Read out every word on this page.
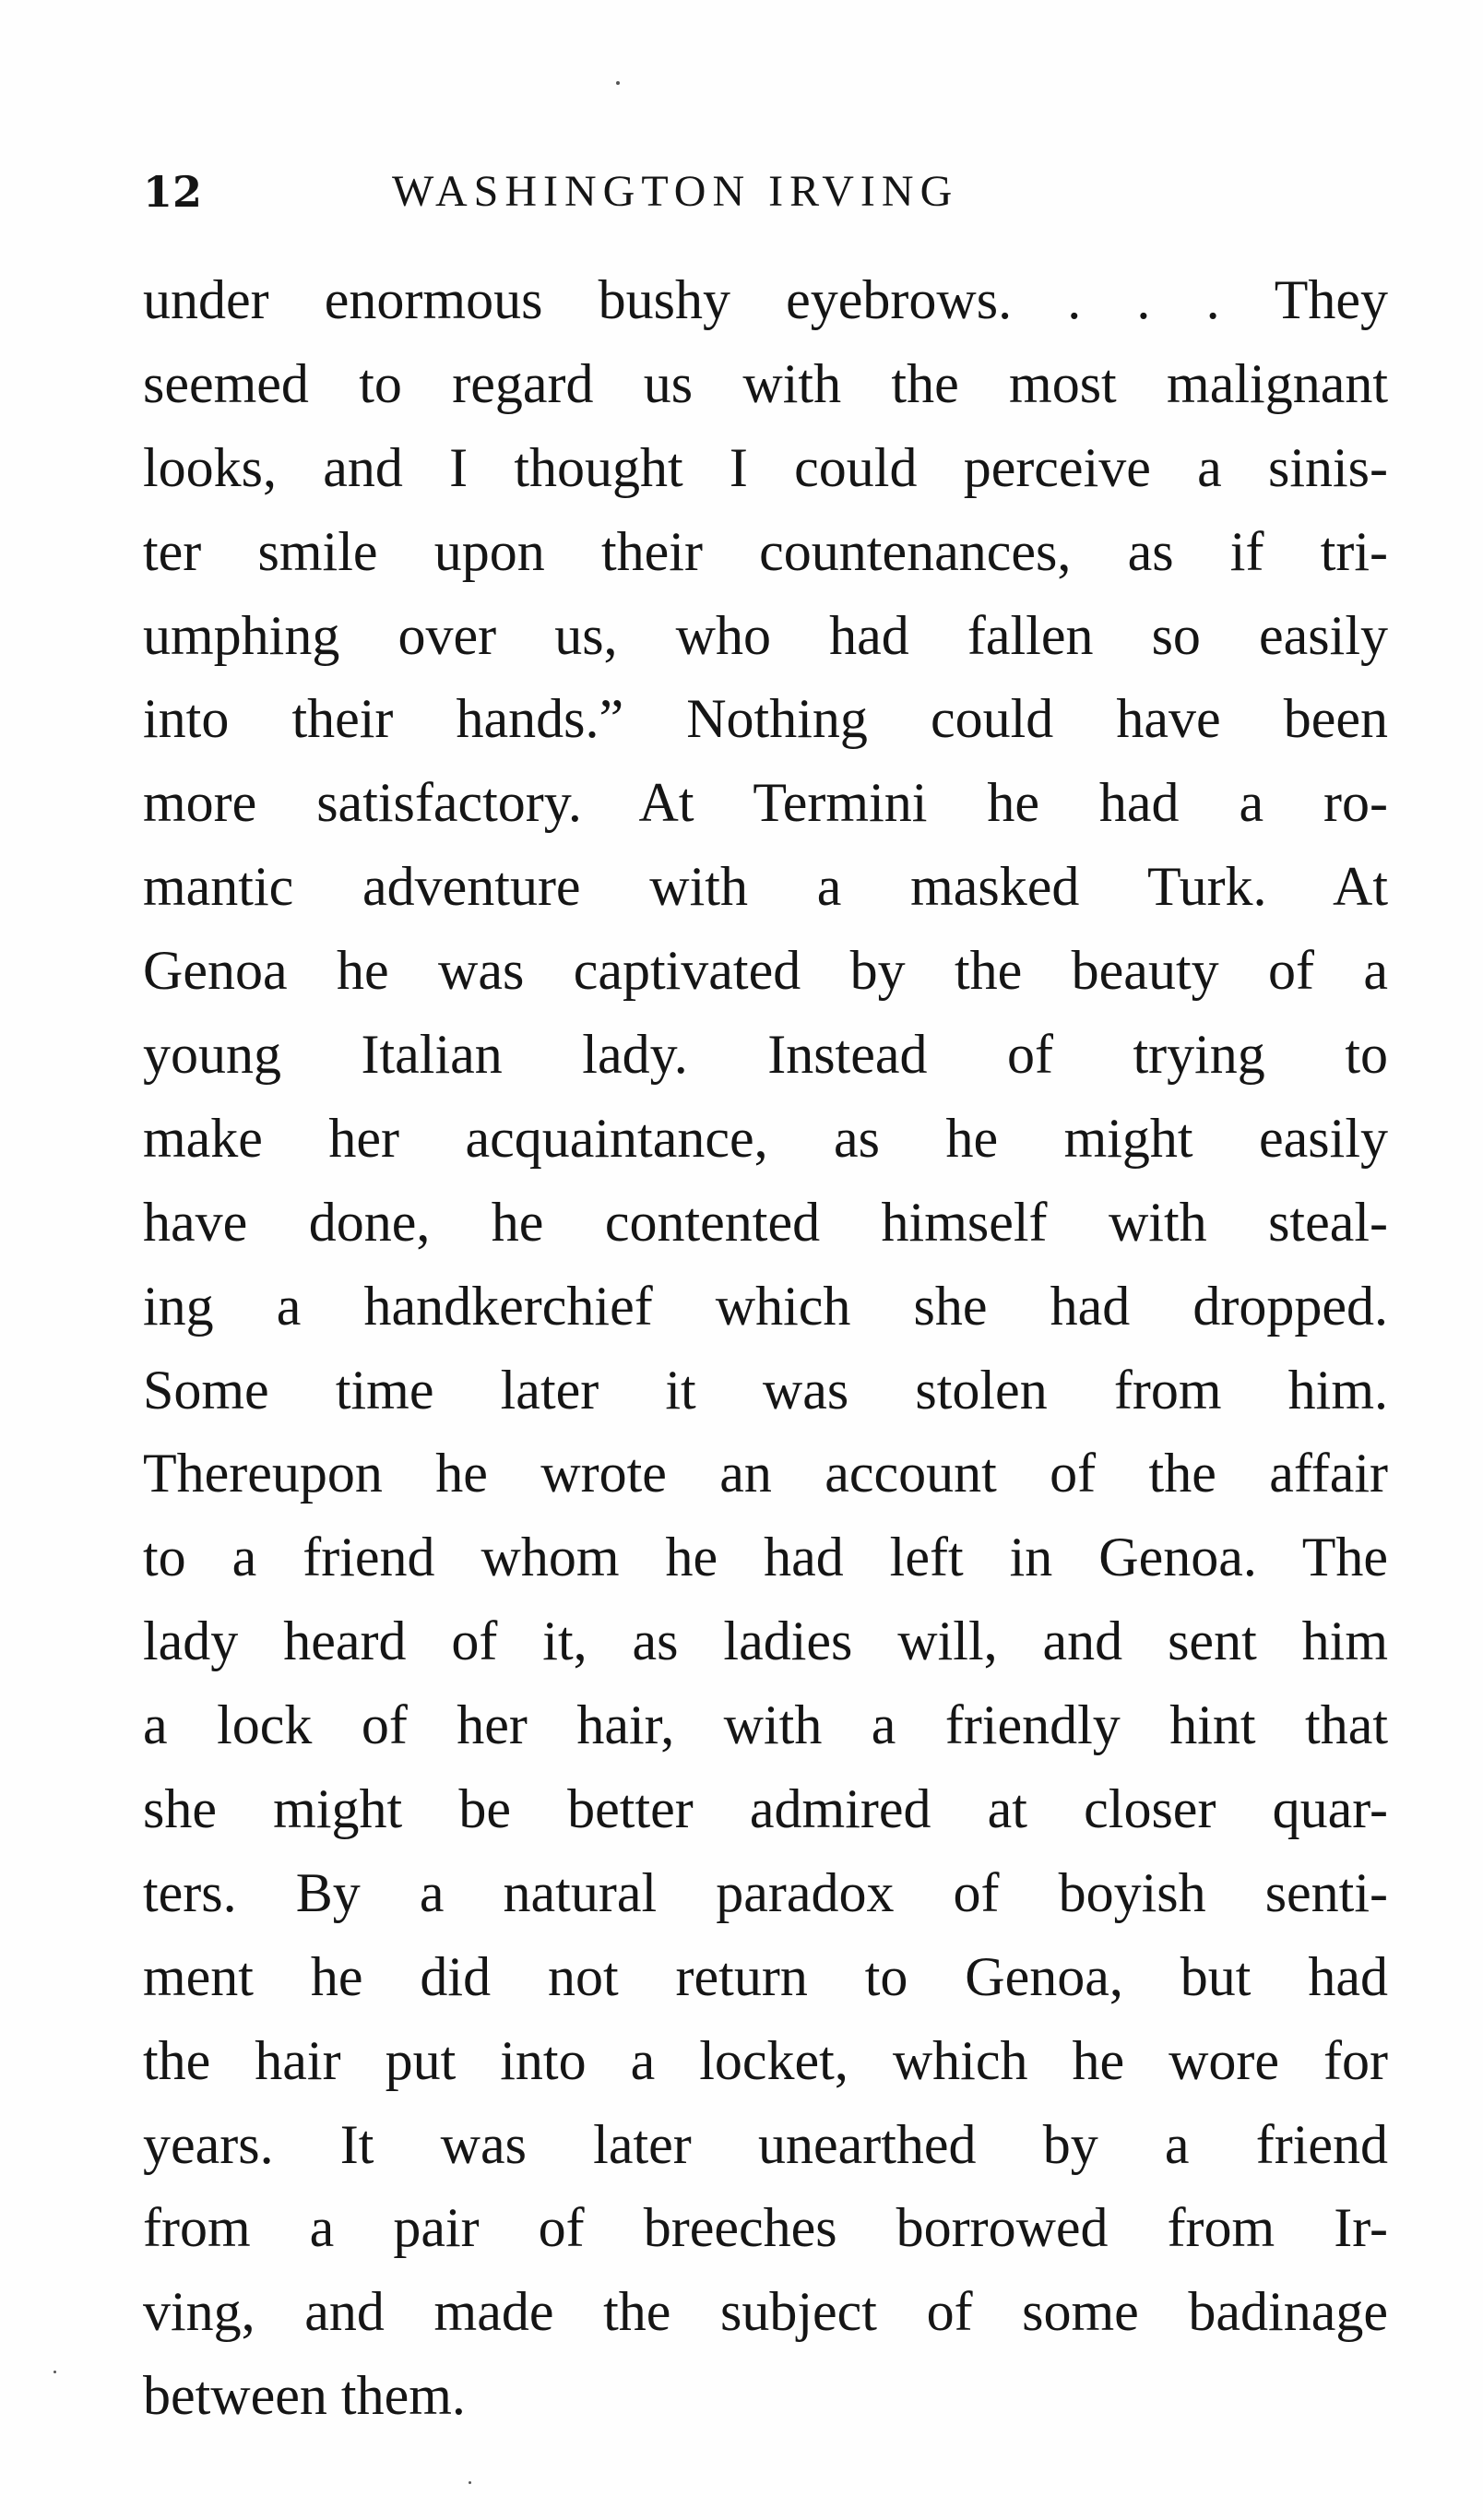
12	WASHINGTON IRVING
under enormous bushy eyebrows. . . . They
seemed to regard us with the most malignant
looks, and I thought I could perceive a sinis-
ter smile upon their countenances, as if tri-
umphing over us, who had fallen so easily
into their hands.” Nothing could have been
more satisfactory. At Termini he had a ro-
mantic adventure with a masked Turk. At
Genoa he was captivated by the beauty of a
young Italian lady. Instead of trying to
make her acquaintance, as he might easily
have done, he contented himself with steal-
ing a handkerchief which she had dropped.
Some time later it was stolen from him.
Thereupon he wrote an account of the affair
to a friend whom he had left in Genoa. The
lady heard of it, as ladies will, and sent him
a lock of her hair, with a friendly hint that
she might be better admired at closer quar-
ters. By a natural paradox of boyish senti-
ment he did not return to Genoa, but had
the hair put into a locket, which he wore for
years. It was later unearthed by a friend
from a pair of breeches borrowed from Ir-
ving, and made the subject of some badinage
between them.
